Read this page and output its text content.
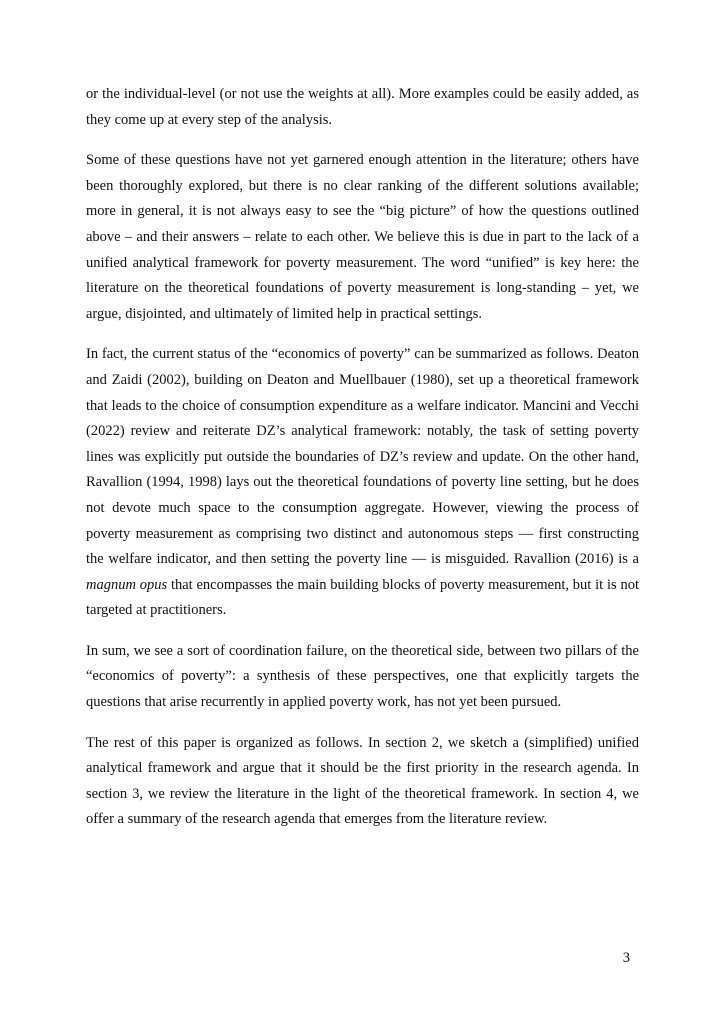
or the individual-level (or not use the weights at all). More examples could be easily added, as they come up at every step of the analysis.

Some of these questions have not yet garnered enough attention in the literature; others have been thoroughly explored, but there is no clear ranking of the different solutions available; more in general, it is not always easy to see the “big picture” of how the questions outlined above – and their answers – relate to each other. We believe this is due in part to the lack of a unified analytical framework for poverty measurement. The word “unified” is key here: the literature on the theoretical foundations of poverty measurement is long-standing – yet, we argue, disjointed, and ultimately of limited help in practical settings.

In fact, the current status of the “economics of poverty” can be summarized as follows. Deaton and Zaidi (2002), building on Deaton and Muellbauer (1980), set up a theoretical framework that leads to the choice of consumption expenditure as a welfare indicator. Mancini and Vecchi (2022) review and reiterate DZ’s analytical framework: notably, the task of setting poverty lines was explicitly put outside the boundaries of DZ’s review and update. On the other hand, Ravallion (1994, 1998) lays out the theoretical foundations of poverty line setting, but he does not devote much space to the consumption aggregate. However, viewing the process of poverty measurement as comprising two distinct and autonomous steps — first constructing the welfare indicator, and then setting the poverty line — is misguided. Ravallion (2016) is a magnum opus that encompasses the main building blocks of poverty measurement, but it is not targeted at practitioners.

In sum, we see a sort of coordination failure, on the theoretical side, between two pillars of the “economics of poverty”: a synthesis of these perspectives, one that explicitly targets the questions that arise recurrently in applied poverty work, has not yet been pursued.

The rest of this paper is organized as follows. In section 2, we sketch a (simplified) unified analytical framework and argue that it should be the first priority in the research agenda. In section 3, we review the literature in the light of the theoretical framework. In section 4, we offer a summary of the research agenda that emerges from the literature review.

3
